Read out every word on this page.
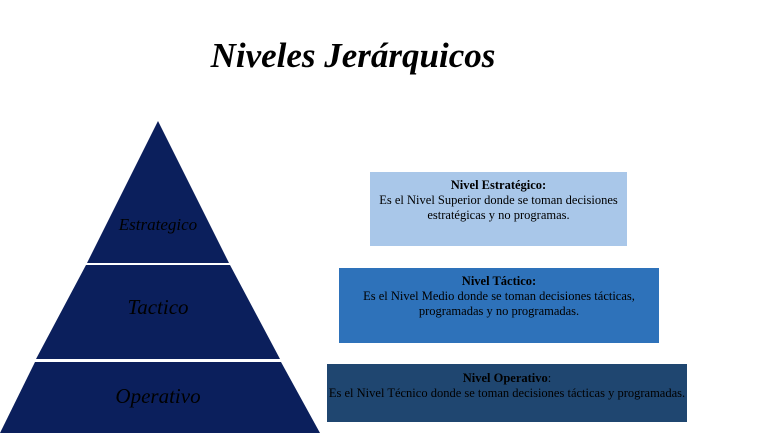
Niveles Jerárquicos
Estrategico
Tactico
Operativo
Nivel Estratégico:
Es el Nivel Superior donde se toman decisiones estratégicas y no programas.
Nivel Táctico:
Es el Nivel Medio donde se toman decisiones tácticas, programadas y no programadas.
Nivel Operativo:
Es el Nivel Técnico donde se toman decisiones tácticas y programadas.
